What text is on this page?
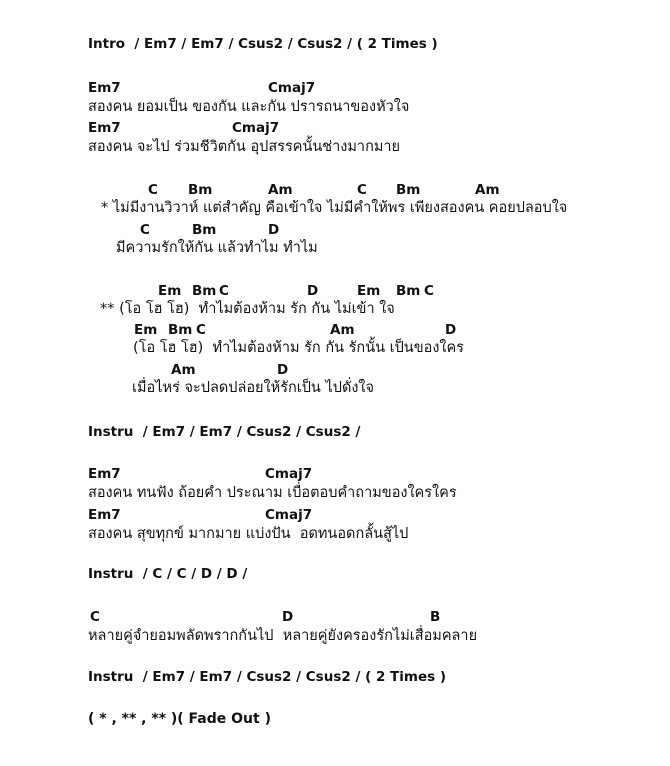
Intro  / Em7 / Em7 / Csus2 / Csus2 / ( 2 Times )
Em7	Cmaj7
สองคน ยอมเป็น ของกัน และกัน ปรารถนาของหัวใจ
Em7	Cmaj7
สองคน จะไป ร่วมชีวิตกัน อุปสรรคนั้นช่างมากมาย
C Bm	Am	C Bm	Am
* ไม่มีงานวิวาห์ แต่สำคัญ คือเข้าใจ ไม่มีคำให้พร เพียงสองคน คอยปลอบใจ
C	Bm	D
มีความรักให้กัน แล้วทำไม ทำไม
Em Bm C	D	Em Bm C
** (โอ โฮ โฮ)  ทำไมต้องห้าม รัก กัน ไม่เข้า ใจ
Em Bm C	Am	D
(โอ โฮ โฮ)  ทำไมต้องห้าม รัก กัน รักนั้น เป็นของใคร
Am	D
เมื่อไหร่ จะปลดปล่อยให้รักเป็น ไปดั่งใจ
Instru  / Em7 / Em7 / Csus2 / Csus2 /
Em7	Cmaj7
สองคน ทนฟัง ถ้อยคำ ประณาม เบื่อตอบคำถามของใครใคร
Em7	Cmaj7
สองคน สุขทุกข์ มากมาย แบ่งปัน  อดทนอดกลั้นสู้ไป
Instru  / C / C / D / D /
C	D	B
หลายคู่จำยอมพลัดพรากกันไป  หลายคู่ยังครองรักไม่เสื่อมคลาย
Instru  / Em7 / Em7 / Csus2 / Csus2 / ( 2 Times )
( * , ** , ** )( Fade Out )
